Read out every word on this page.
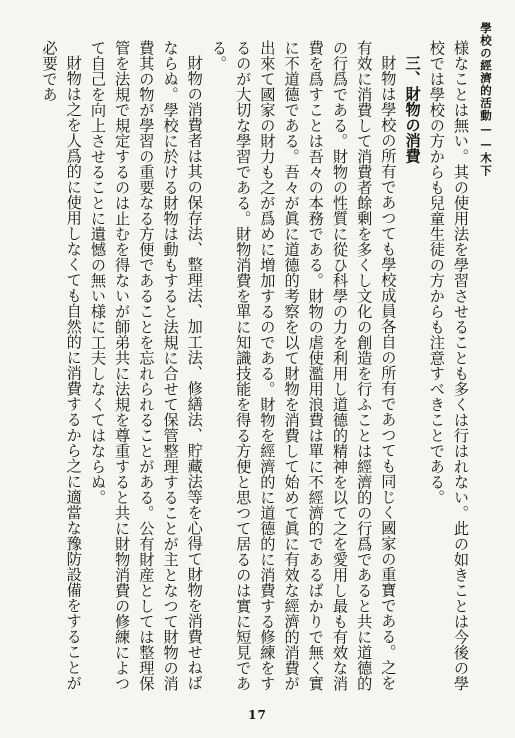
學校の經濟的活動——木下

様なことは無い。其の使用法を學習させることも多くは行はれない。此の如きことは今後の學校では學校の方からも兒童生徒の方からも注意すべきことである。

三、財物の消費

財物は學校の所有であつても學校成員各自の所有であつても同じく國家の重寶である。之を有效に消費して消費者餘剰を多くし文化の創造を行ふことは經濟的の行爲であると共に道德的の行爲である。財物の性質に從ひ科學の力を利用し道德的精神を以て之を愛用し最も有效な消費を爲すことは吾々の本務である。財物の虐使濫用浪費は單に不經濟的であるばかりで無く實に不道德である。吾々が眞に道德的考察を以て財物を消費して始めて眞に有效な經濟的消費が出來て國家の財力も之が爲めに増加するのである。財物を經濟的に道德的に消費する修練をするのが大切な學習である。財物消費を單に知識技能を得る方便と思つて居るのは實に短見である。

財物の消費者は其の保存法、整理法、加工法、修繕法、貯藏法等を心得て財物を消費せねばならぬ。學校に於ける財物は動もすると法規に合せて保管整理することが主となつて財物の消費其の物が學習の重要なる方便であることを忘れられることがある。公有財産としては整理保管を法規で規定するのは止むを得ないが師弟共に法規を尊重すると共に財物消費の修練によつて自己を向上させることに遺憾の無い様に工夫しなくてはならぬ。

財物は之を人爲的に使用しなくても自然的に消費するから之に適當な豫防設備をすることが必要であ

17
